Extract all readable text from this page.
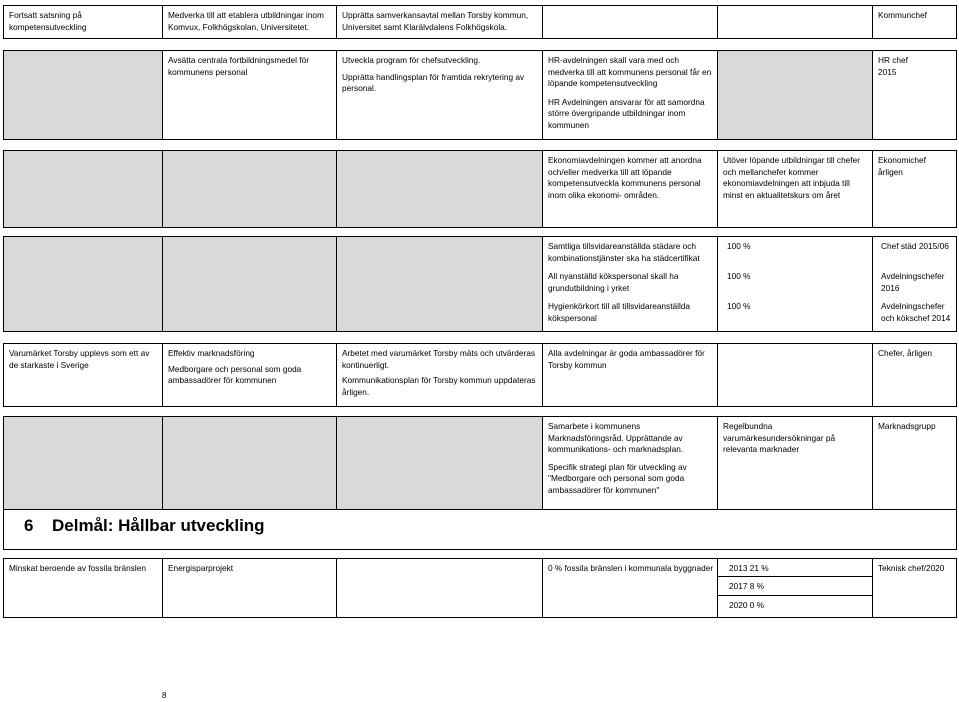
Fortsatt satsning på
kompetensutveckling
Medverka till att etablera utbildningar inom
Komvux, Folkhögskolan, Universitetet.
Upprätta samverkansavtal mellan Torsby kommun,
Universitet samt Klarälvdalens Folkhögskola.
Kommunchef
Avsätta centrala fortbildningsmedel för
kommunens personal
Utveckla program för chefsutveckling.
Upprätta handlingsplan för framtida rekrytering av
personal.
HR-avdelningen skall vara med och
medverka till att kommunens personal får en
löpande kompetensutveckling
HR Avdelningen ansvarar för att samordna
större övergripande utbildningar inom
kommunen
HR chef
2015
Ekonomiavdelningen kommer att anordna
och/eller medverka till att löpande
kompetensutveckla kommunens personal
inom olika ekonomi- områden.
Utöver löpande utbildningar till chefer
och mellanchefer kommer
ekonomiavdelningen att inbjuda till
minst en aktualitetskurs om året
Ekonomichef
årligen
Samtliga tillsvidareanställda städare och
kombinationstjänster ska ha städcertifikat
All nyanställd kökspersonal skall ha
grundutbildning i yrket
Hygienkörkort till all tillsvidareanställda
kökspersonal
100 %
100 %
100 %
Chef städ 2015/06
Avdelningschefer
2016
Avdelningschefer
och kökschef 2014
Varumärket Torsby upplevs som ett av
de starkaste i Sverige
Effektiv marknadsföring
Medborgare och personal som goda
ambassadörer för kommunen
Arbetet med varumärket Torsby mäts och utvärderas
kontinuerligt.
Kommunikationsplan för Torsby kommun uppdateras
årligen.
Alla avdelningar är goda ambassadörer för
Torsby kommun
Chefer, årligen
Samarbete i kommunens
Marknadsföringsråd. Upprättande av
kommunikations- och marknadsplan.
Specifik strategi plan för utveckling av
"Medborgare och personal som goda
ambassadörer för kommunen"
Regelbundna
varumärkesundersökningar på
relevanta marknader
Marknadsgrupp
6 Delmål: Hållbar utveckling
Minskat beroende av fossila bränslen	Energisparprojekt	0 % fossila bränslen i kommunala byggnader 2013 21 %
2017 8 %
2020 0 %
Teknisk chef/2020
8
